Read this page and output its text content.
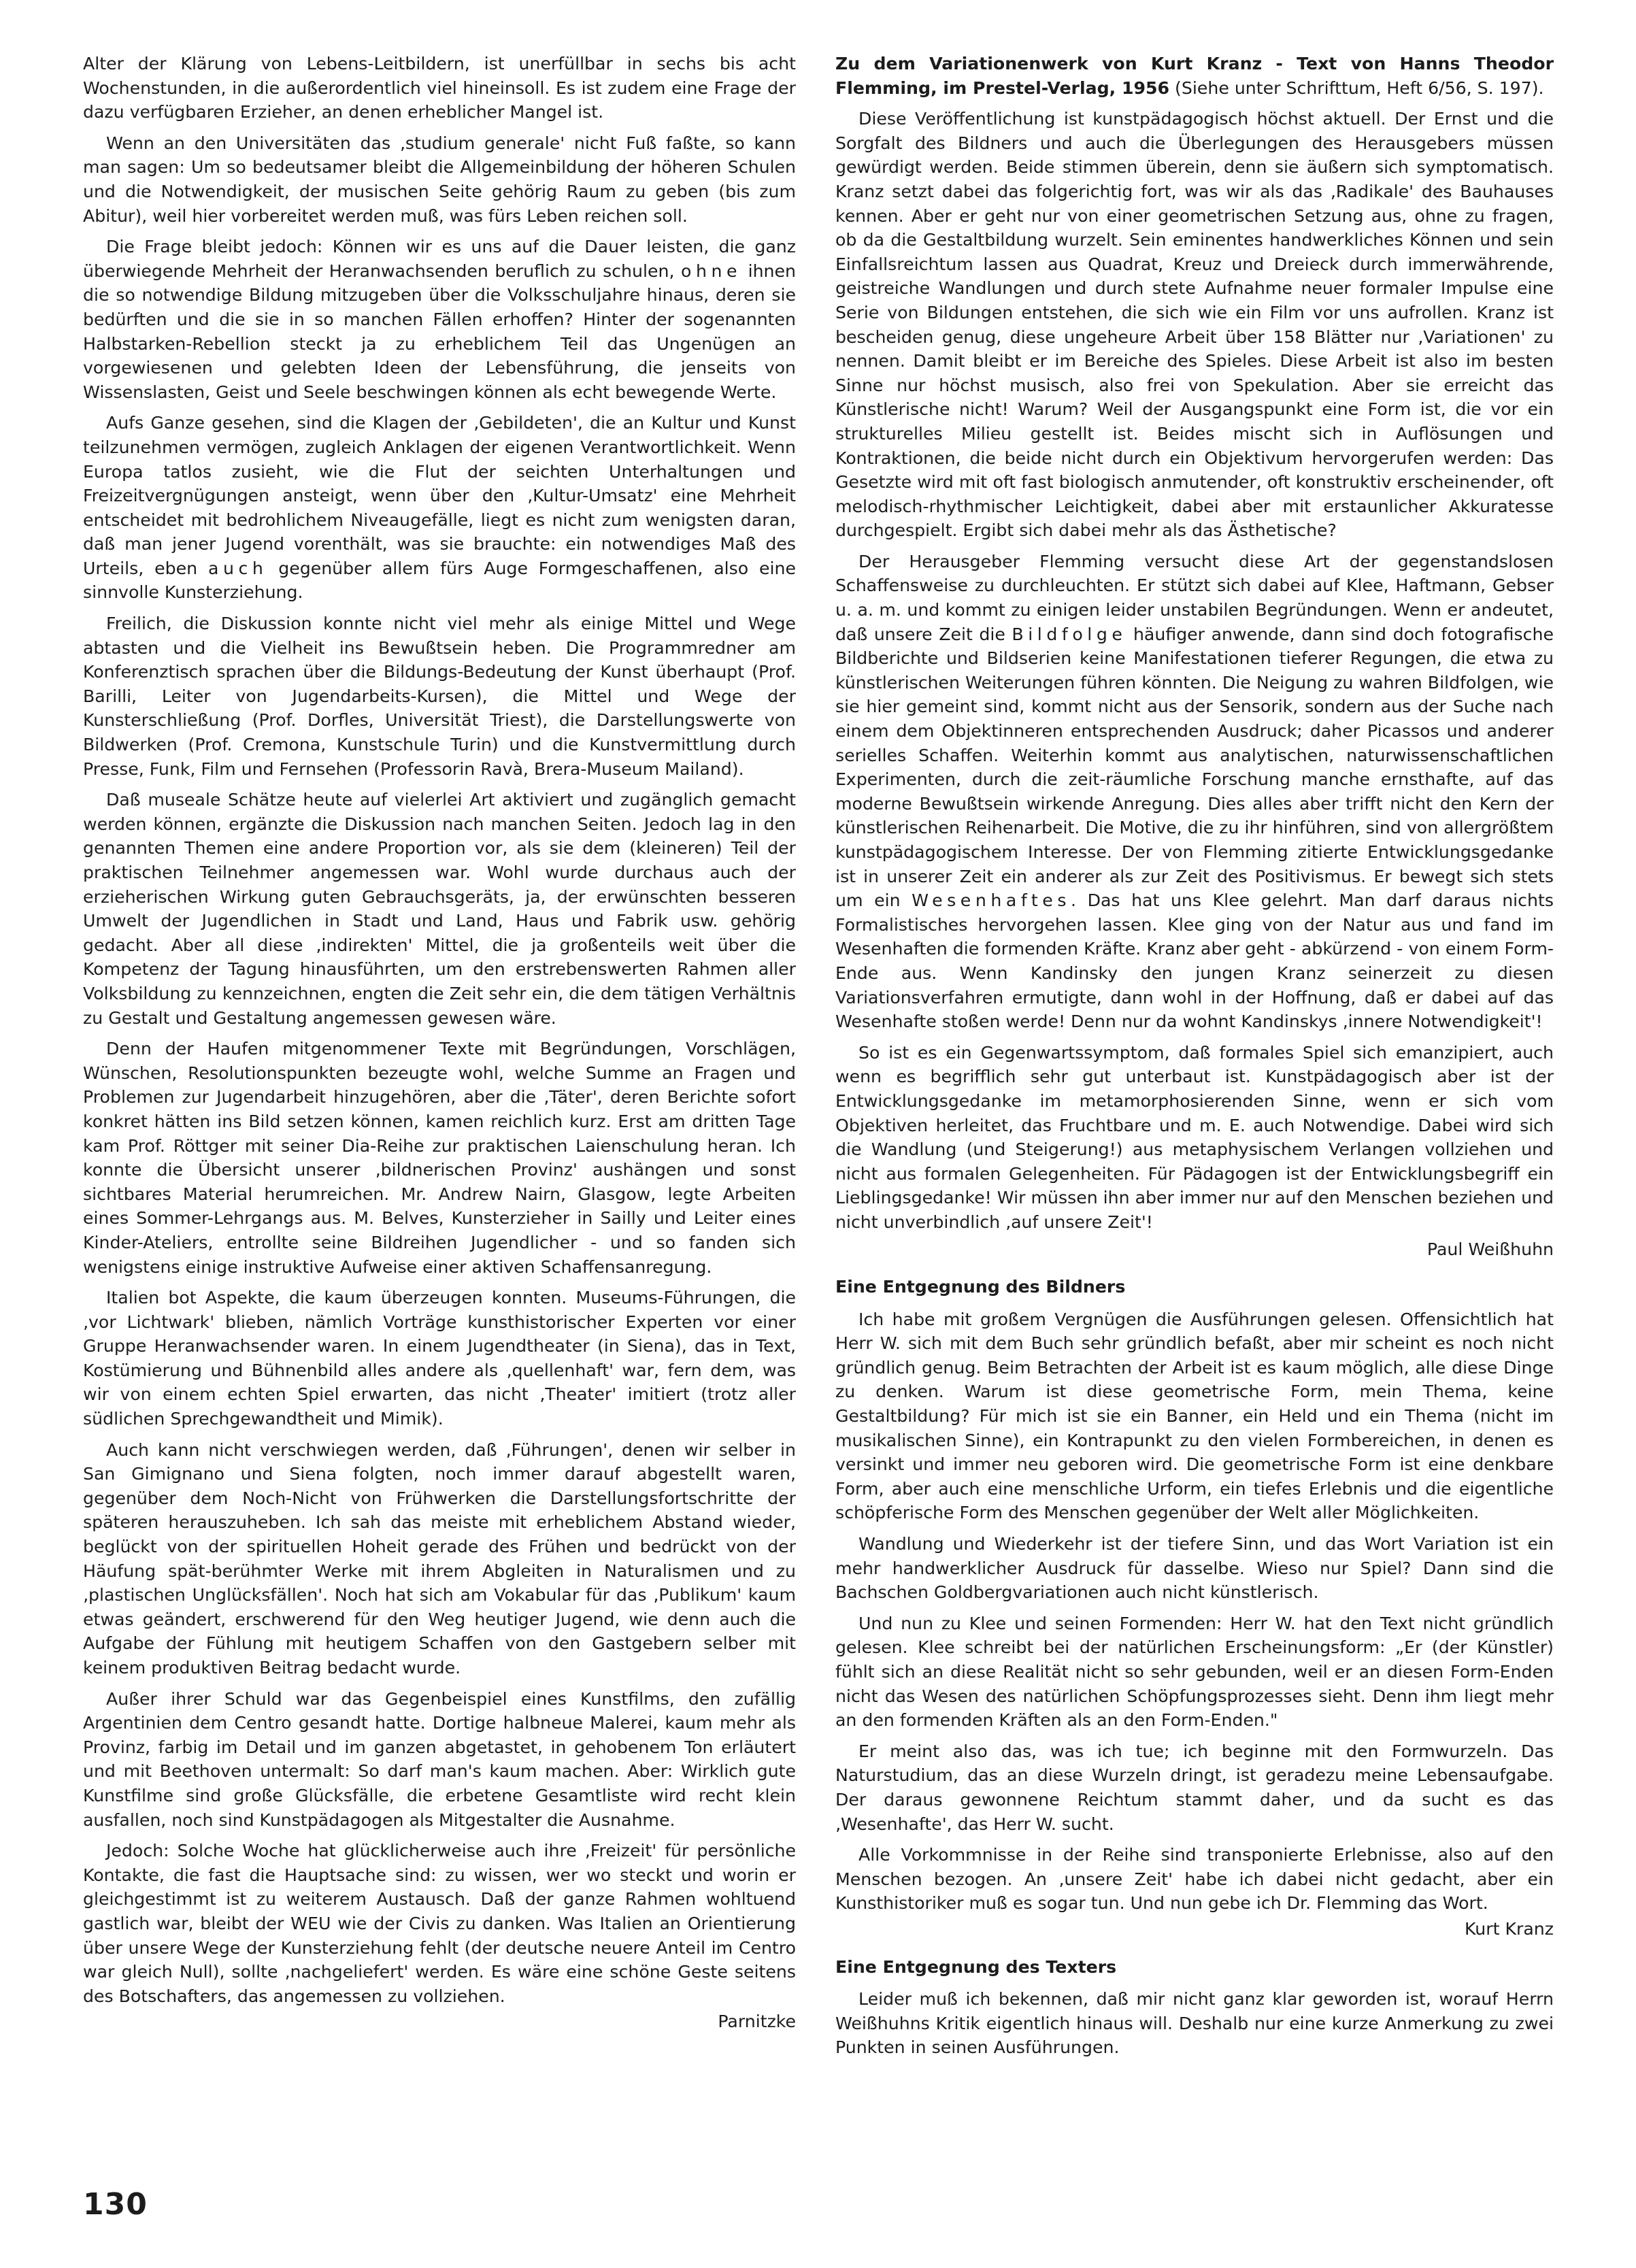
Alter der Klärung von Lebens-Leitbildern, ist unerfüllbar in sechs bis acht Wochenstunden, in die außerordentlich viel hineinsoll. Es ist zudem eine Frage der dazu verfügbaren Erzieher, an denen erheblicher Mangel ist.

Wenn an den Universitäten das ‚studium generale' nicht Fuß faßte, so kann man sagen: Um so bedeutsamer bleibt die Allgemeinbildung der höheren Schulen und die Notwendigkeit, der musischen Seite gehörig Raum zu geben (bis zum Abitur), weil hier vorbereitet werden muß, was fürs Leben reichen soll.

Die Frage bleibt jedoch: Können wir es uns auf die Dauer leisten, die ganz überwiegende Mehrheit der Heranwachsenden beruflich zu schulen, ohne ihnen die so notwendige Bildung mitzugeben über die Volksschuljahre hinaus, deren sie bedürften und die sie in so manchen Fällen erhoffen? Hinter der sogenannten Halbstarken-Rebellion steckt ja zu erheblichem Teil das Ungenügen an vorgewiesenen und gelebten Ideen der Lebensführung, die jenseits von Wissenslasten, Geist und Seele beschwingen können als echt bewegende Werte.

Aufs Ganze gesehen, sind die Klagen der ‚Gebildeten', die an Kultur und Kunst teilzunehmen vermögen, zugleich Anklagen der eigenen Verantwortlichkeit. Wenn Europa tatlos zusieht, wie die Flut der seichten Unterhaltungen und Freizeitvergnügungen ansteigt, wenn über den ‚Kultur-Umsatz' eine Mehrheit entscheidet mit bedrohlichem Niveaugefälle, liegt es nicht zum wenigsten daran, daß man jener Jugend vorenthält, was sie brauchte: ein notwendiges Maß des Urteils, eben auch gegenüber allem fürs Auge Formgeschaffenen, also eine sinnvolle Kunsterziehung.

Freilich, die Diskussion konnte nicht viel mehr als einige Mittel und Wege abtasten und die Vielheit ins Bewußtsein heben. Die Programmredner am Konferenztisch sprachen über die Bildungs-Bedeutung der Kunst überhaupt (Prof. Barilli, Leiter von Jugendarbeits-Kursen), die Mittel und Wege der Kunsterschließung (Prof. Dorfles, Universität Triest), die Darstellungswerte von Bildwerken (Prof. Cremona, Kunstschule Turin) und die Kunstvermittlung durch Presse, Funk, Film und Fernsehen (Professorin Ravà, Brera-Museum Mailand).

Daß museale Schätze heute auf vielerlei Art aktiviert und zugänglich gemacht werden können, ergänzte die Diskussion nach manchen Seiten. Jedoch lag in den genannten Themen eine andere Proportion vor, als sie dem (kleineren) Teil der praktischen Teilnehmer angemessen war. Wohl wurde durchaus auch der erzieherischen Wirkung guten Gebrauchsgeräts, ja, der erwünschten besseren Umwelt der Jugendlichen in Stadt und Land, Haus und Fabrik usw. gehörig gedacht. Aber all diese ‚indirekten' Mittel, die ja großenteils weit über die Kompetenz der Tagung hinausführten, um den erstrebenswerten Rahmen aller Volksbildung zu kennzeichnen, engten die Zeit sehr ein, die dem tätigen Verhältnis zu Gestalt und Gestaltung angemessen gewesen wäre.

Denn der Haufen mitgenommener Texte mit Begründungen, Vorschlägen, Wünschen, Resolutionspunkten bezeugte wohl, welche Summe an Fragen und Problemen zur Jugendarbeit hinzugehören, aber die ‚Täter', deren Berichte sofort konkret hätten ins Bild setzen können, kamen reichlich kurz. Erst am dritten Tage kam Prof. Röttger mit seiner Dia-Reihe zur praktischen Laienschulung heran. Ich konnte die Übersicht unserer ‚bildnerischen Provinz' aushängen und sonst sichtbares Material herumreichen. Mr. Andrew Nairn, Glasgow, legte Arbeiten eines Sommer-Lehrgangs aus. M. Belves, Kunsterzieher in Sailly und Leiter eines Kinder-Ateliers, entrollte seine Bildreihen Jugendlicher - und so fanden sich wenigstens einige instruktive Aufweise einer aktiven Schaffensanregung.

Italien bot Aspekte, die kaum überzeugen konnten. Museums-Führungen, die ‚vor Lichtwark' blieben, nämlich Vorträge kunsthistorischer Experten vor einer Gruppe Heranwachsender waren. In einem Jugendtheater (in Siena), das in Text, Kostümierung und Bühnenbild alles andere als ‚quellenhaft' war, fern dem, was wir von einem echten Spiel erwarten, das nicht ‚Theater' imitiert (trotz aller südlichen Sprechgewandtheit und Mimik).

Auch kann nicht verschwiegen werden, daß ‚Führungen', denen wir selber in San Gimignano und Siena folgten, noch immer darauf abgestellt waren, gegenüber dem Noch-Nicht von Frühwerken die Darstellungsfortschritte der späteren herauszuheben. Ich sah das meiste mit erheblichem Abstand wieder, beglückt von der spirituellen Hoheit gerade des Frühen und bedrückt von der Häufung spät-berühmter Werke mit ihrem Abgleiten in Naturalismen und zu ‚plastischen Unglücksfällen'. Noch hat sich am Vokabular für das ‚Publikum' kaum etwas geändert, erschwerend für den Weg heutiger Jugend, wie denn auch die Aufgabe der Fühlung mit heutigem Schaffen von den Gastgebern selber mit keinem produktiven Beitrag bedacht wurde.

Außer ihrer Schuld war das Gegenbeispiel eines Kunstfilms, den zufällig Argentinien dem Centro gesandt hatte. Dortige halbneue Malerei, kaum mehr als Provinz, farbig im Detail und im ganzen abgetastet, in gehobenem Ton erläutert und mit Beethoven untermalt: So darf man's kaum machen. Aber: Wirklich gute Kunstfilme sind große Glücksfälle, die erbetene Gesamtliste wird recht klein ausfallen, noch sind Kunstpädagogen als Mitgestalter die Ausnahme.

Jedoch: Solche Woche hat glücklicherweise auch ihre ‚Freizeit' für persönliche Kontakte, die fast die Hauptsache sind: zu wissen, wer wo steckt und worin er gleichgestimmt ist zu weiterem Austausch. Daß der ganze Rahmen wohltuend gastlich war, bleibt der WEU wie der Civis zu danken. Was Italien an Orientierung über unsere Wege der Kunsterziehung fehlt (der deutsche neuere Anteil im Centro war gleich Null), sollte ‚nachgeliefert' werden. Es wäre eine schöne Geste seitens des Botschafters, das angemessen zu vollziehen.

Parnitzke

Zu dem Variationenwerk von Kurt Kranz - Text von Hanns Theodor Flemming, im Prestel-Verlag, 1956 (Siehe unter Schrifttum, Heft 6/56, S. 197).

Diese Veröffentlichung ist kunstpädagogisch höchst aktuell. Der Ernst und die Sorgfalt des Bildners und auch die Überlegungen des Herausgebers müssen gewürdigt werden. Beide stimmen überein, denn sie äußern sich symptomatisch. Kranz setzt dabei das folgerichtig fort, was wir als das ‚Radikale' des Bauhauses kennen. Aber er geht nur von einer geometrischen Setzung aus, ohne zu fragen, ob da die Gestaltbildung wurzelt. Sein eminentes handwerkliches Können und sein Einfallsreichtum lassen aus Quadrat, Kreuz und Dreieck durch immerwährende, geistreiche Wandlungen und durch stete Aufnahme neuer formaler Impulse eine Serie von Bildungen entstehen, die sich wie ein Film vor uns aufrollen. Kranz ist bescheiden genug, diese ungeheure Arbeit über 158 Blätter nur ‚Variationen' zu nennen. Damit bleibt er im Bereiche des Spieles. Diese Arbeit ist also im besten Sinne nur höchst musisch, also frei von Spekulation. Aber sie erreicht das Künstlerische nicht! Warum? Weil der Ausgangspunkt eine Form ist, die vor ein strukturelles Milieu gestellt ist. Beides mischt sich in Auflösungen und Kontraktionen, die beide nicht durch ein Objektivum hervorgerufen werden: Das Gesetzte wird mit oft fast biologisch anmutender, oft konstruktiv erscheinender, oft melodisch-rhythmischer Leichtigkeit, dabei aber mit erstaunlicher Akkuratesse durchgespielt. Ergibt sich dabei mehr als das Ästhetische?

Der Herausgeber Flemming versucht diese Art der gegenstandslosen Schaffensweise zu durchleuchten. Er stützt sich dabei auf Klee, Haftmann, Gebser u. a. m. und kommt zu einigen leider unstabilen Begründungen. Wenn er andeutet, daß unsere Zeit die Bildfolge häufiger anwende, dann sind doch fotografische Bildberichte und Bildserien keine Manifestationen tieferer Regungen, die etwa zu künstlerischen Weiterungen führen könnten. Die Neigung zu wahren Bildfolgen, wie sie hier gemeint sind, kommt nicht aus der Sensorik, sondern aus der Suche nach einem dem Objektinneren entsprechenden Ausdruck; daher Picassos und anderer serielles Schaffen. Weiterhin kommt aus analytischen, naturwissenschaftlichen Experimenten, durch die zeit-räumliche Forschung manche ernsthafte, auf das moderne Bewußtsein wirkende Anregung. Dies alles aber trifft nicht den Kern der künstlerischen Reihenarbeit. Die Motive, die zu ihr hinführen, sind von allergrößtem kunstpädagogischem Interesse. Der von Flemming zitierte Entwicklungsgedanke ist in unserer Zeit ein anderer als zur Zeit des Positivismus. Er bewegt sich stets um ein Wesenhaftes. Das hat uns Klee gelehrt. Man darf daraus nichts Formalistisches hervorgehen lassen. Klee ging von der Natur aus und fand im Wesenhaften die formenden Kräfte. Kranz aber geht - abkürzend - von einem Form-Ende aus. Wenn Kandinsky den jungen Kranz seinerzeit zu diesen Variationsverfahren ermutigte, dann wohl in der Hoffnung, daß er dabei auf das Wesenhafte stoßen werde! Denn nur da wohnt Kandinskys ‚innere Notwendigkeit'!

So ist es ein Gegenwartssymptom, daß formales Spiel sich emanzipiert, auch wenn es begrifflich sehr gut unterbaut ist. Kunstpädagogisch aber ist der Entwicklungsgedanke im metamorphosierenden Sinne, wenn er sich vom Objektiven herleitet, das Fruchtbare und m. E. auch Notwendige. Dabei wird sich die Wandlung (und Steigerung!) aus metaphysischem Verlangen vollziehen und nicht aus formalen Gelegenheiten. Für Pädagogen ist der Entwicklungsbegriff ein Lieblingsgedanke! Wir müssen ihn aber immer nur auf den Menschen beziehen und nicht unverbindlich ‚auf unsere Zeit'!

Paul Weißhuhn
Eine Entgegnung des Bildners

Ich habe mit großem Vergnügen die Ausführungen gelesen. Offensichtlich hat Herr W. sich mit dem Buch sehr gründlich befaßt, aber mir scheint es noch nicht gründlich genug. Beim Betrachten der Arbeit ist es kaum möglich, alle diese Dinge zu denken. Warum ist diese geometrische Form, mein Thema, keine Gestaltbildung? Für mich ist sie ein Banner, ein Held und ein Thema (nicht im musikalischen Sinne), ein Kontrapunkt zu den vielen Formbereichen, in denen es versinkt und immer neu geboren wird. Die geometrische Form ist eine denkbare Form, aber auch eine menschliche Urform, ein tiefes Erlebnis und die eigentliche schöpferische Form des Menschen gegenüber der Welt aller Möglichkeiten.

Wandlung und Wiederkehr ist der tiefere Sinn, und das Wort Variation ist ein mehr handwerklicher Ausdruck für dasselbe. Wieso nur Spiel? Dann sind die Bachschen Goldbergvariationen auch nicht künstlerisch.

Und nun zu Klee und seinen Formenden: Herr W. hat den Text nicht gründlich gelesen. Klee schreibt bei der natürlichen Erscheinungsform: „Er (der Künstler) fühlt sich an diese Realität nicht so sehr gebunden, weil er an diesen Form-Enden nicht das Wesen des natürlichen Schöpfungsprozesses sieht. Denn ihm liegt mehr an den formenden Kräften als an den Form-Enden."

Er meint also das, was ich tue; ich beginne mit den Formwurzeln. Das Naturstudium, das an diese Wurzeln dringt, ist geradezu meine Lebensaufgabe. Der daraus gewonnene Reichtum stammt daher, und da sucht es das ‚Wesenhafte', das Herr W. sucht.

Alle Vorkommnisse in der Reihe sind transponierte Erlebnisse, also auf den Menschen bezogen. An ‚unsere Zeit' habe ich dabei nicht gedacht, aber ein Kunsthistoriker muß es sogar tun. Und nun gebe ich Dr. Flemming das Wort.

Kurt Kranz
Eine Entgegnung des Texters

Leider muß ich bekennen, daß mir nicht ganz klar geworden ist, worauf Herrn Weißhuhns Kritik eigentlich hinaus will. Deshalb nur eine kurze Anmerkung zu zwei Punkten in seinen Ausführungen.

130
